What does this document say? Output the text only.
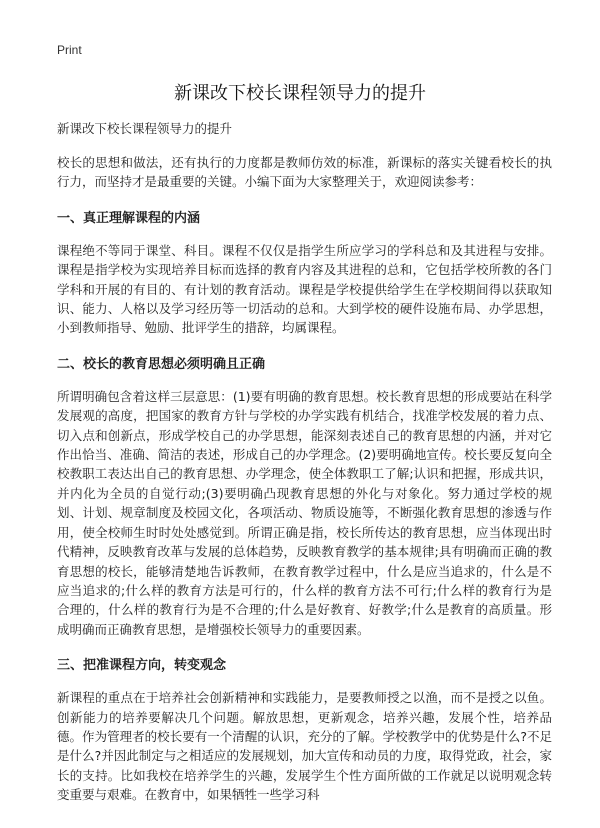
Print
新课改下校长课程领导力的提升
新课改下校长课程领导力的提升

校长的思想和做法，还有执行的力度都是教师仿效的标准，新课标的落实关键看校长的执行力，而坚持才是最重要的关键。小编下面为大家整理关于，欢迎阅读参考：

一、真正理解课程的内涵

课程绝不等同于课堂、科目。课程不仅仅是指学生所应学习的学科总和及其进程与安排。课程是指学校为实现培养目标而选择的教育内容及其进程的总和，它包括学校所教的各门学科和开展的有目的、有计划的教育活动。课程是学校提供给学生在学校期间得以获取知识、能力、人格以及学习经历等一切活动的总和。大到学校的硬件设施布局、办学思想，小到教师指导、勉励、批评学生的措辞，均属课程。

二、校长的教育思想必须明确且正确

所谓明确包含着这样三层意思：(1)要有明确的教育思想。校长教育思想的形成要站在科学发展观的高度，把国家的教育方针与学校的办学实践有机结合，找准学校发展的着力点、切入点和创新点，形成学校自己的办学思想，能深刻表述自己的教育思想的内涵，并对它作出恰当、准确、简洁的表述，形成自己的办学理念。(2)要明确地宣传。校长要反复向全校教职工表达出自己的教育思想、办学理念，使全体教职工了解;认识和把握，形成共识，并内化为全员的自觉行动;(3)要明确凸现教育思想的外化与对象化。努力通过学校的规划、计划、规章制度及校园文化，各项活动、物质设施等，不断强化教育思想的渗透与作用，使全校师生时时处处感觉到。所谓正确是指，校长所传达的教育思想，应当体现出时代精神，反映教育改革与发展的总体趋势，反映教育教学的基本规律;具有明确而正确的教育思想的校长，能够清楚地告诉教师，在教育教学过程中，什么是应当追求的，什么是不应当追求的;什么样的教育方法是可行的，什么样的教育方法不可行;什么样的教育行为是合理的，什么样的教育行为是不合理的;什么是好教育、好教学;什么是教育的高质量。形成明确而正确教育思想，是增强校长领导力的重要因素。

三、把准课程方向，转变观念

新课程的重点在于培养社会创新精神和实践能力，是要教师授之以渔，而不是授之以鱼。创新能力的培养要解决几个问题。解放思想，更新观念，培养兴趣，发展个性，培养品德。作为管理者的校长要有一个清醒的认识，充分的了解。学校教学中的优势是什么?不足是什么?并因此制定与之相适应的发展规划，加大宣传和动员的力度，取得党政，社会，家长的支持。比如我校在培养学生的兴趣，发展学生个性方面所做的工作就足以说明观念转变重要与艰难。在教育中，如果牺牲一些学习科
